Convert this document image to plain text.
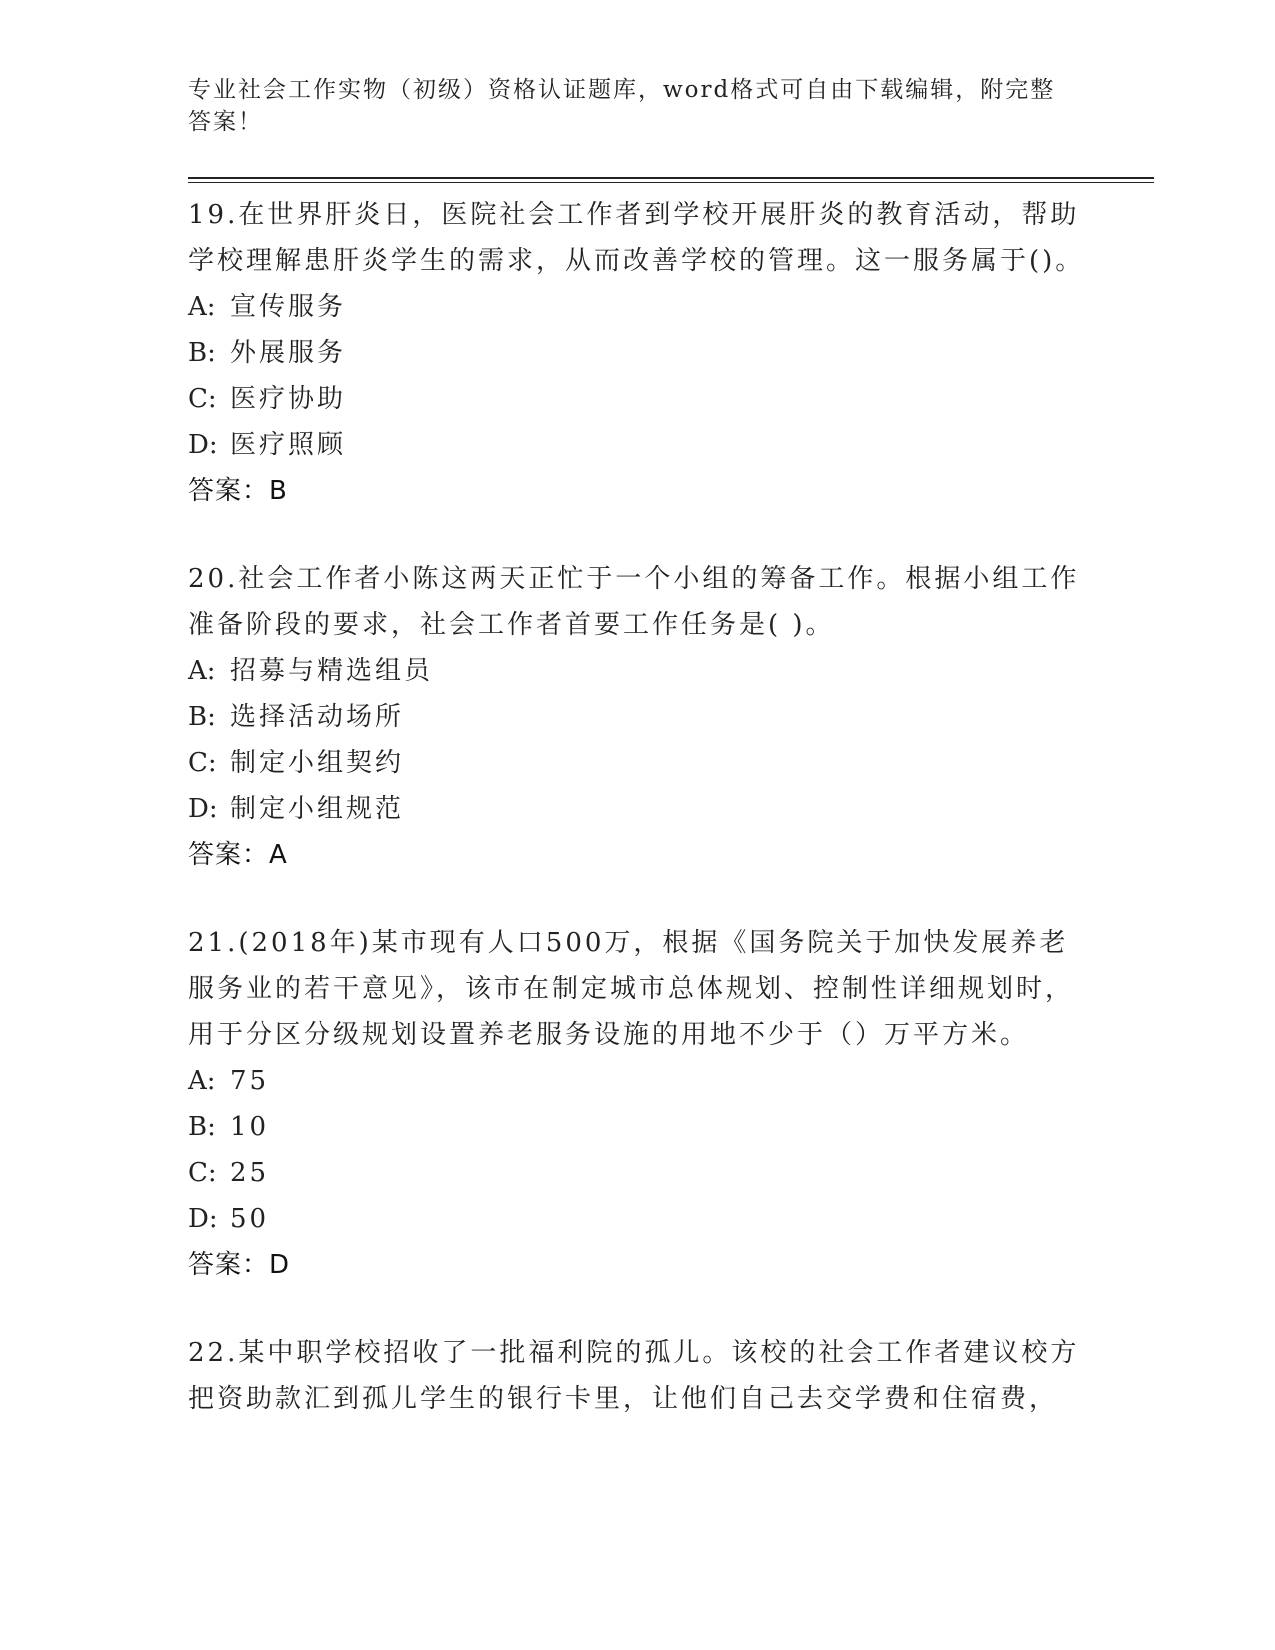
专业社会工作实物（初级）资格认证题库，word格式可自由下载编辑，附完整答案！
19.在世界肝炎日，医院社会工作者到学校开展肝炎的教育活动，帮助学校理解患肝炎学生的需求，从而改善学校的管理。这一服务属于()。
A: 宣传服务
B: 外展服务
C: 医疗协助
D: 医疗照顾
答案：B
20.社会工作者小陈这两天正忙于一个小组的筹备工作。根据小组工作准备阶段的要求，社会工作者首要工作任务是( )。
A: 招募与精选组员
B: 选择活动场所
C: 制定小组契约
D: 制定小组规范
答案：A
21.(2018年)某市现有人口500万，根据《国务院关于加快发展养老服务业的若干意见》，该市在制定城市总体规划、控制性详细规划时，用于分区分级规划设置养老服务设施的用地不少于（）万平方米。
A: 75
B: 10
C: 25
D: 50
答案：D
22.某中职学校招收了一批福利院的孤儿。该校的社会工作者建议校方把资助款汇到孤儿学生的银行卡里，让他们自己去交学费和住宿费，
